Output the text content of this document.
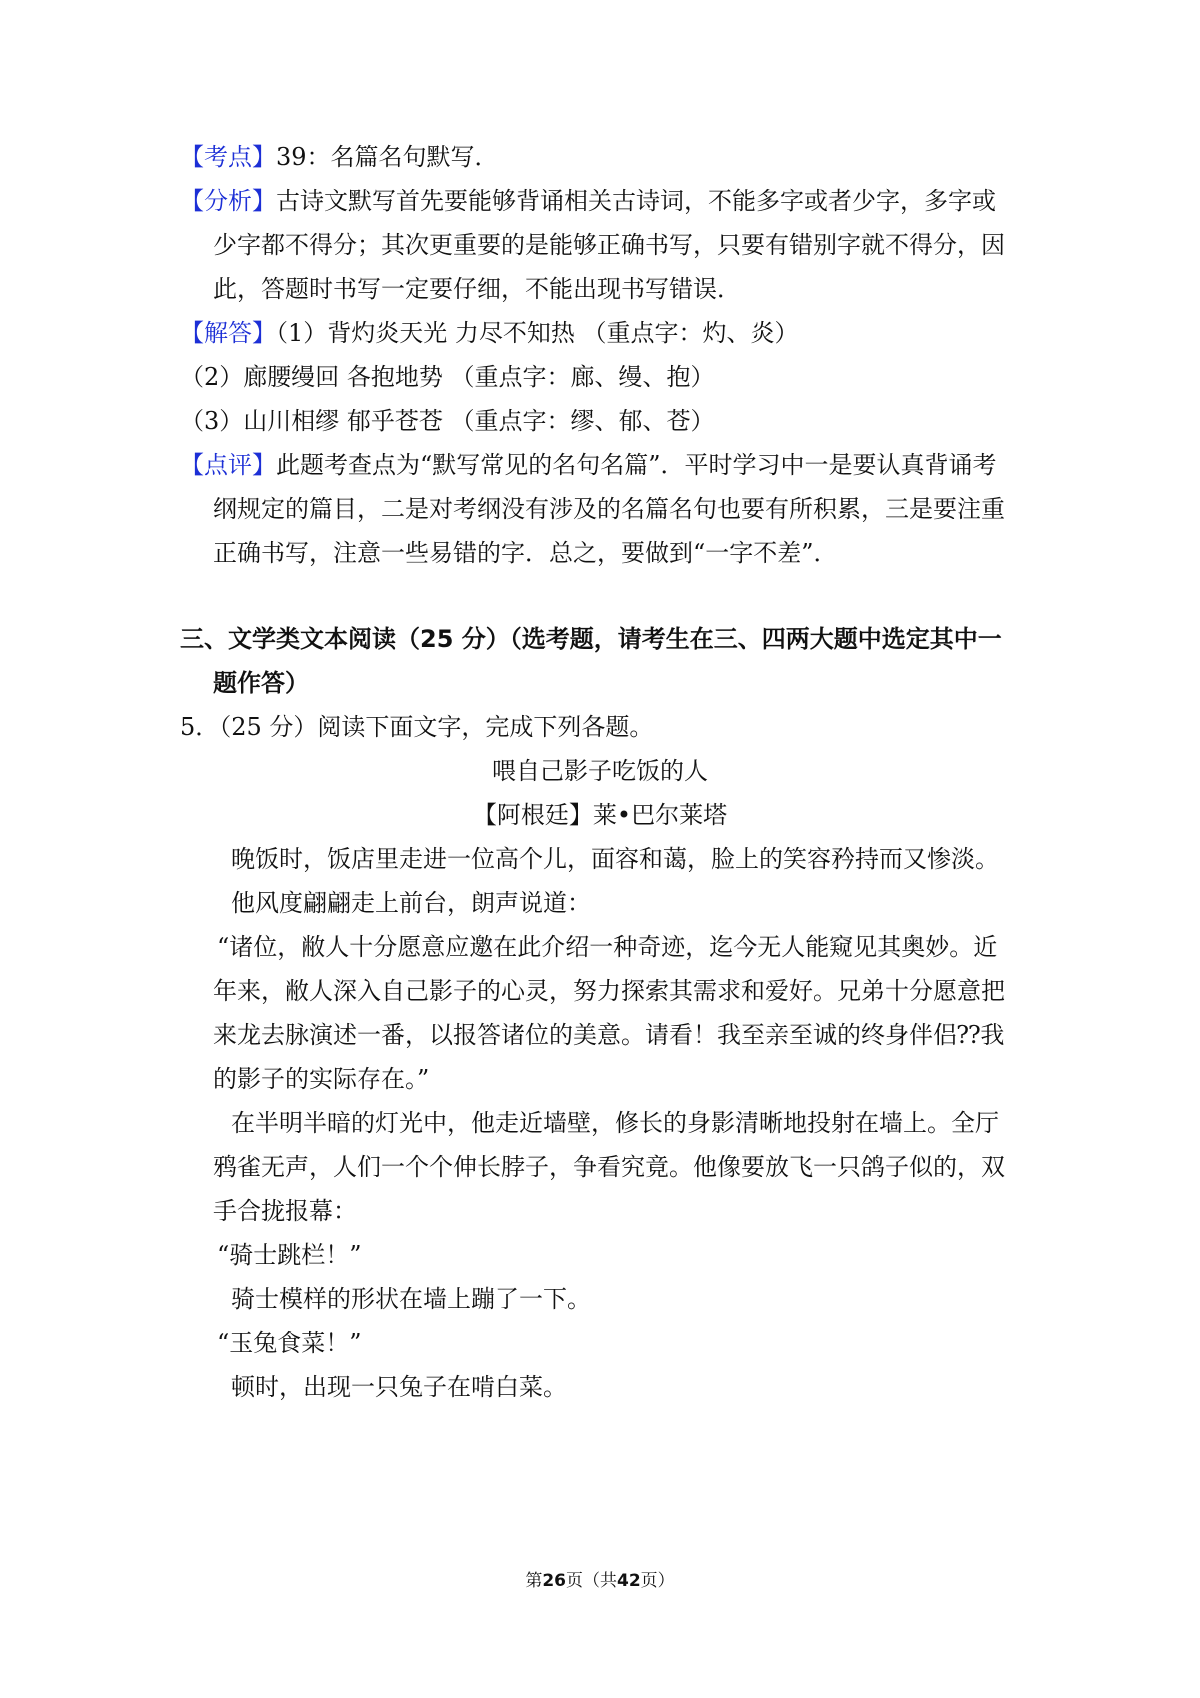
【考点】39：名篇名句默写．
【分析】古诗文默写首先要能够背诵相关古诗词，不能多字或者少字，多字或
少字都不得分；其次更重要的是能够正确书写，只要有错别字就不得分，因
此，答题时书写一定要仔细，不能出现书写错误．
【解答】（1）背灼炎天光 力尽不知热 （重点字：灼、炎）
（2）廊腰缦回 各抱地势 （重点字：廊、缦、抱）
（3）山川相缪 郁乎苍苍 （重点字：缪、郁、苍）
【点评】此题考查点为“默写常见的名句名篇”．平时学习中一是要认真背诵考
纲规定的篇目，二是对考纲没有涉及的名篇名句也要有所积累，三是要注重
正确书写，注意一些易错的字．总之，要做到“一字不差”．
三、文学类文本阅读（25 分）（选考题，请考生在三、四两大题中选定其中一
题作答）
5．（25 分）阅读下面文字，完成下列各题。
喂自己影子吃饭的人
【阿根廷】莱•巴尔莱塔
晚饭时，饭店里走进一位高个儿，面容和蔼，脸上的笑容矜持而又惨淡。
他风度翩翩走上前台，朗声说道：
“诸位，敝人十分愿意应邀在此介绍一种奇迹，迄今无人能窥见其奥妙。近
年来，敝人深入自己影子的心灵，努力探索其需求和爱好。兄弟十分愿意把
来龙去脉演述一番，以报答诸位的美意。请看！我至亲至诚的终身伴侣⁇我
的影子的实际存在。”
在半明半暗的灯光中，他走近墙壁，修长的身影清晰地投射在墙上。全厅
鸦雀无声，人们一个个伸长脖子，争看究竟。他像要放飞一只鸽子似的，双
手合拢报幕：
“骑士跳栏！”
骑士模样的形状在墙上蹦了一下。
“玉兔食菜！”
顿时，出现一只兔子在啃白菜。
第26页（共42页）
